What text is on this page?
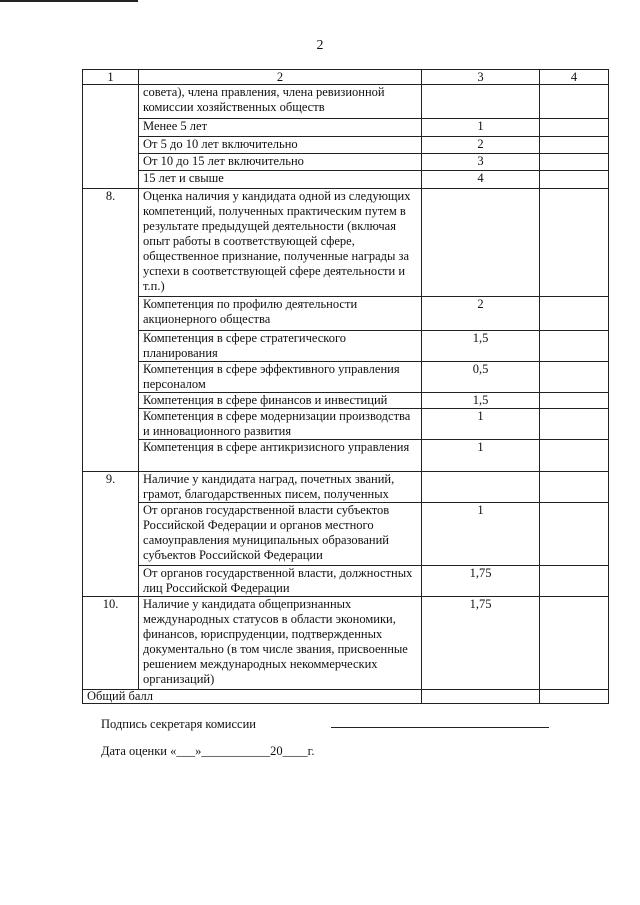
2
1	2	3	4
	совета), члена правления, члена ревизионной комиссии хозяйственных обществ		
	Менее 5 лет	1	
	От 5 до 10 лет включительно	2	
	От 10 до 15 лет включительно	3	
	15 лет и свыше	4	
8.	Оценка наличия у кандидата одной из следующих компетенций, полученных практическим путем в результате предыдущей деятельности (включая опыт работы в соответствующей сфере, общественное признание, полученные награды за успехи в соответствующей сфере деятельности и т.п.)		
	Компетенция по профилю деятельности акционерного общества	2	
	Компетенция в сфере стратегического планирования	1,5	
	Компетенция в сфере эффективного управления персоналом	0,5	
	Компетенция в сфере финансов и инвестиций	1,5	
	Компетенция в сфере модернизации производства и инновационного развития	1	
	Компетенция в сфере антикризисного управления	1	
9.	Наличие у кандидата наград, почетных званий, грамот, благодарственных писем, полученных		
	От органов государственной власти субъектов Российской Федерации и органов местного самоуправления муниципальных образований субъектов Российской Федерации	1	
	От органов государственной власти, должностных лиц Российской Федерации	1,75	
10.	Наличие у кандидата общепризнанных международных статусов в области экономики, финансов, юриспруденции, подтвержденных документально (в том числе звания, присвоенные решением международных некоммерческих организаций)	1,75	
Общий балл			
Подпись секретаря комиссии
Дата оценки «___»___________20____г.
